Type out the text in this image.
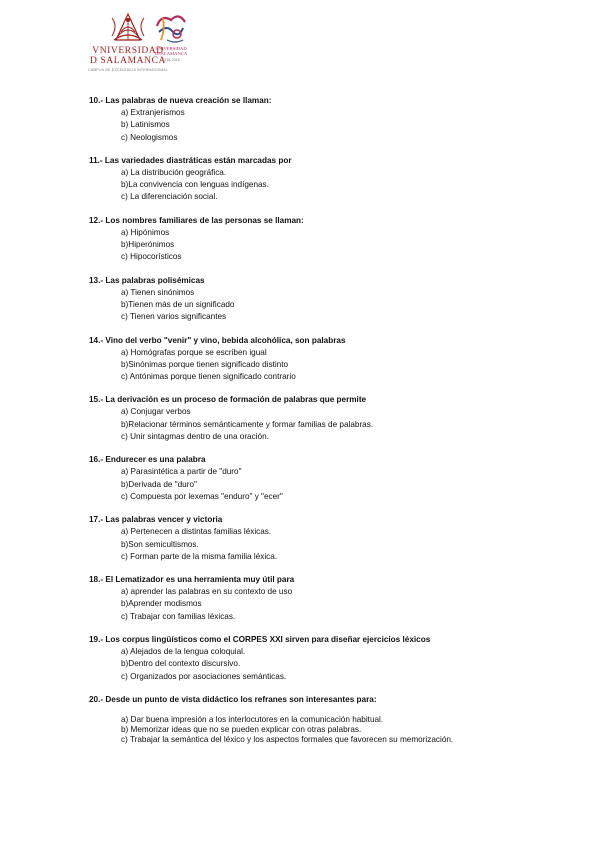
VNIVERSIDAD
D SALAMANCA
CAMPUS DE EXCELENCIA INTERNACIONAL
VNIVERSIDAD
DSALAMANCA
1218-2018
10.- Las palabras de nueva creación se llaman:
a) Extranjerismos
b) Latinismos
c) Neologismos
11.- Las variedades diastráticas están marcadas por
a) La distribución geográfica.
b)La convivencia con lenguas indígenas.
c) La diferenciación social.
12.- Los nombres familiares de las personas se llaman:
a) Hipónimos
b)Hiperónimos
c) Hipocorísticos
13.- Las palabras polisémicas
a) Tienen sinónimos
b)Tienen más de un significado
c) Tienen varios significantes
14.- Vino del verbo "venir" y vino, bebida alcohólica, son palabras
a) Homógrafas porque se escriben igual
b)Sinónimas porque tienen significado distinto
c) Antónimas porque tienen significado contrario
15.- La derivación es un proceso de formación de palabras que permite
a) Conjugar verbos
b)Relacionar términos semánticamente y formar familias de palabras.
c) Unir sintagmas dentro de una oración.
16.- Endurecer es una palabra
a) Parasintética a partir de "duro"
b)Derivada de "duro"
c) Compuesta por lexemas "enduro" y "ecer"
17.- Las palabras vencer y victoria
a) Pertenecen a distintas familias léxicas.
b)Son semicultismos.
c) Forman parte de la misma familia léxica.
18.- El Lematizador es una herramienta muy útil para
a) aprender las palabras en su contexto de uso
b)Aprender modismos
c) Trabajar con familias léxicas.
19.- Los corpus lingüísticos como el CORPES XXI sirven para diseñar ejercicios léxicos
a) Alejados de la lengua coloquial.
b)Dentro del contexto discursivo.
c) Organizados por asociaciones semánticas.
20.- Desde un punto de vista didáctico los refranes son interesantes para:
a) Dar buena impresión a los interlocutores en la comunicación habitual.
b) Memorizar ideas que no se pueden explicar con otras palabras.
c) Trabajar la semántica del léxico y los aspectos formales que favorecen su memorización.
